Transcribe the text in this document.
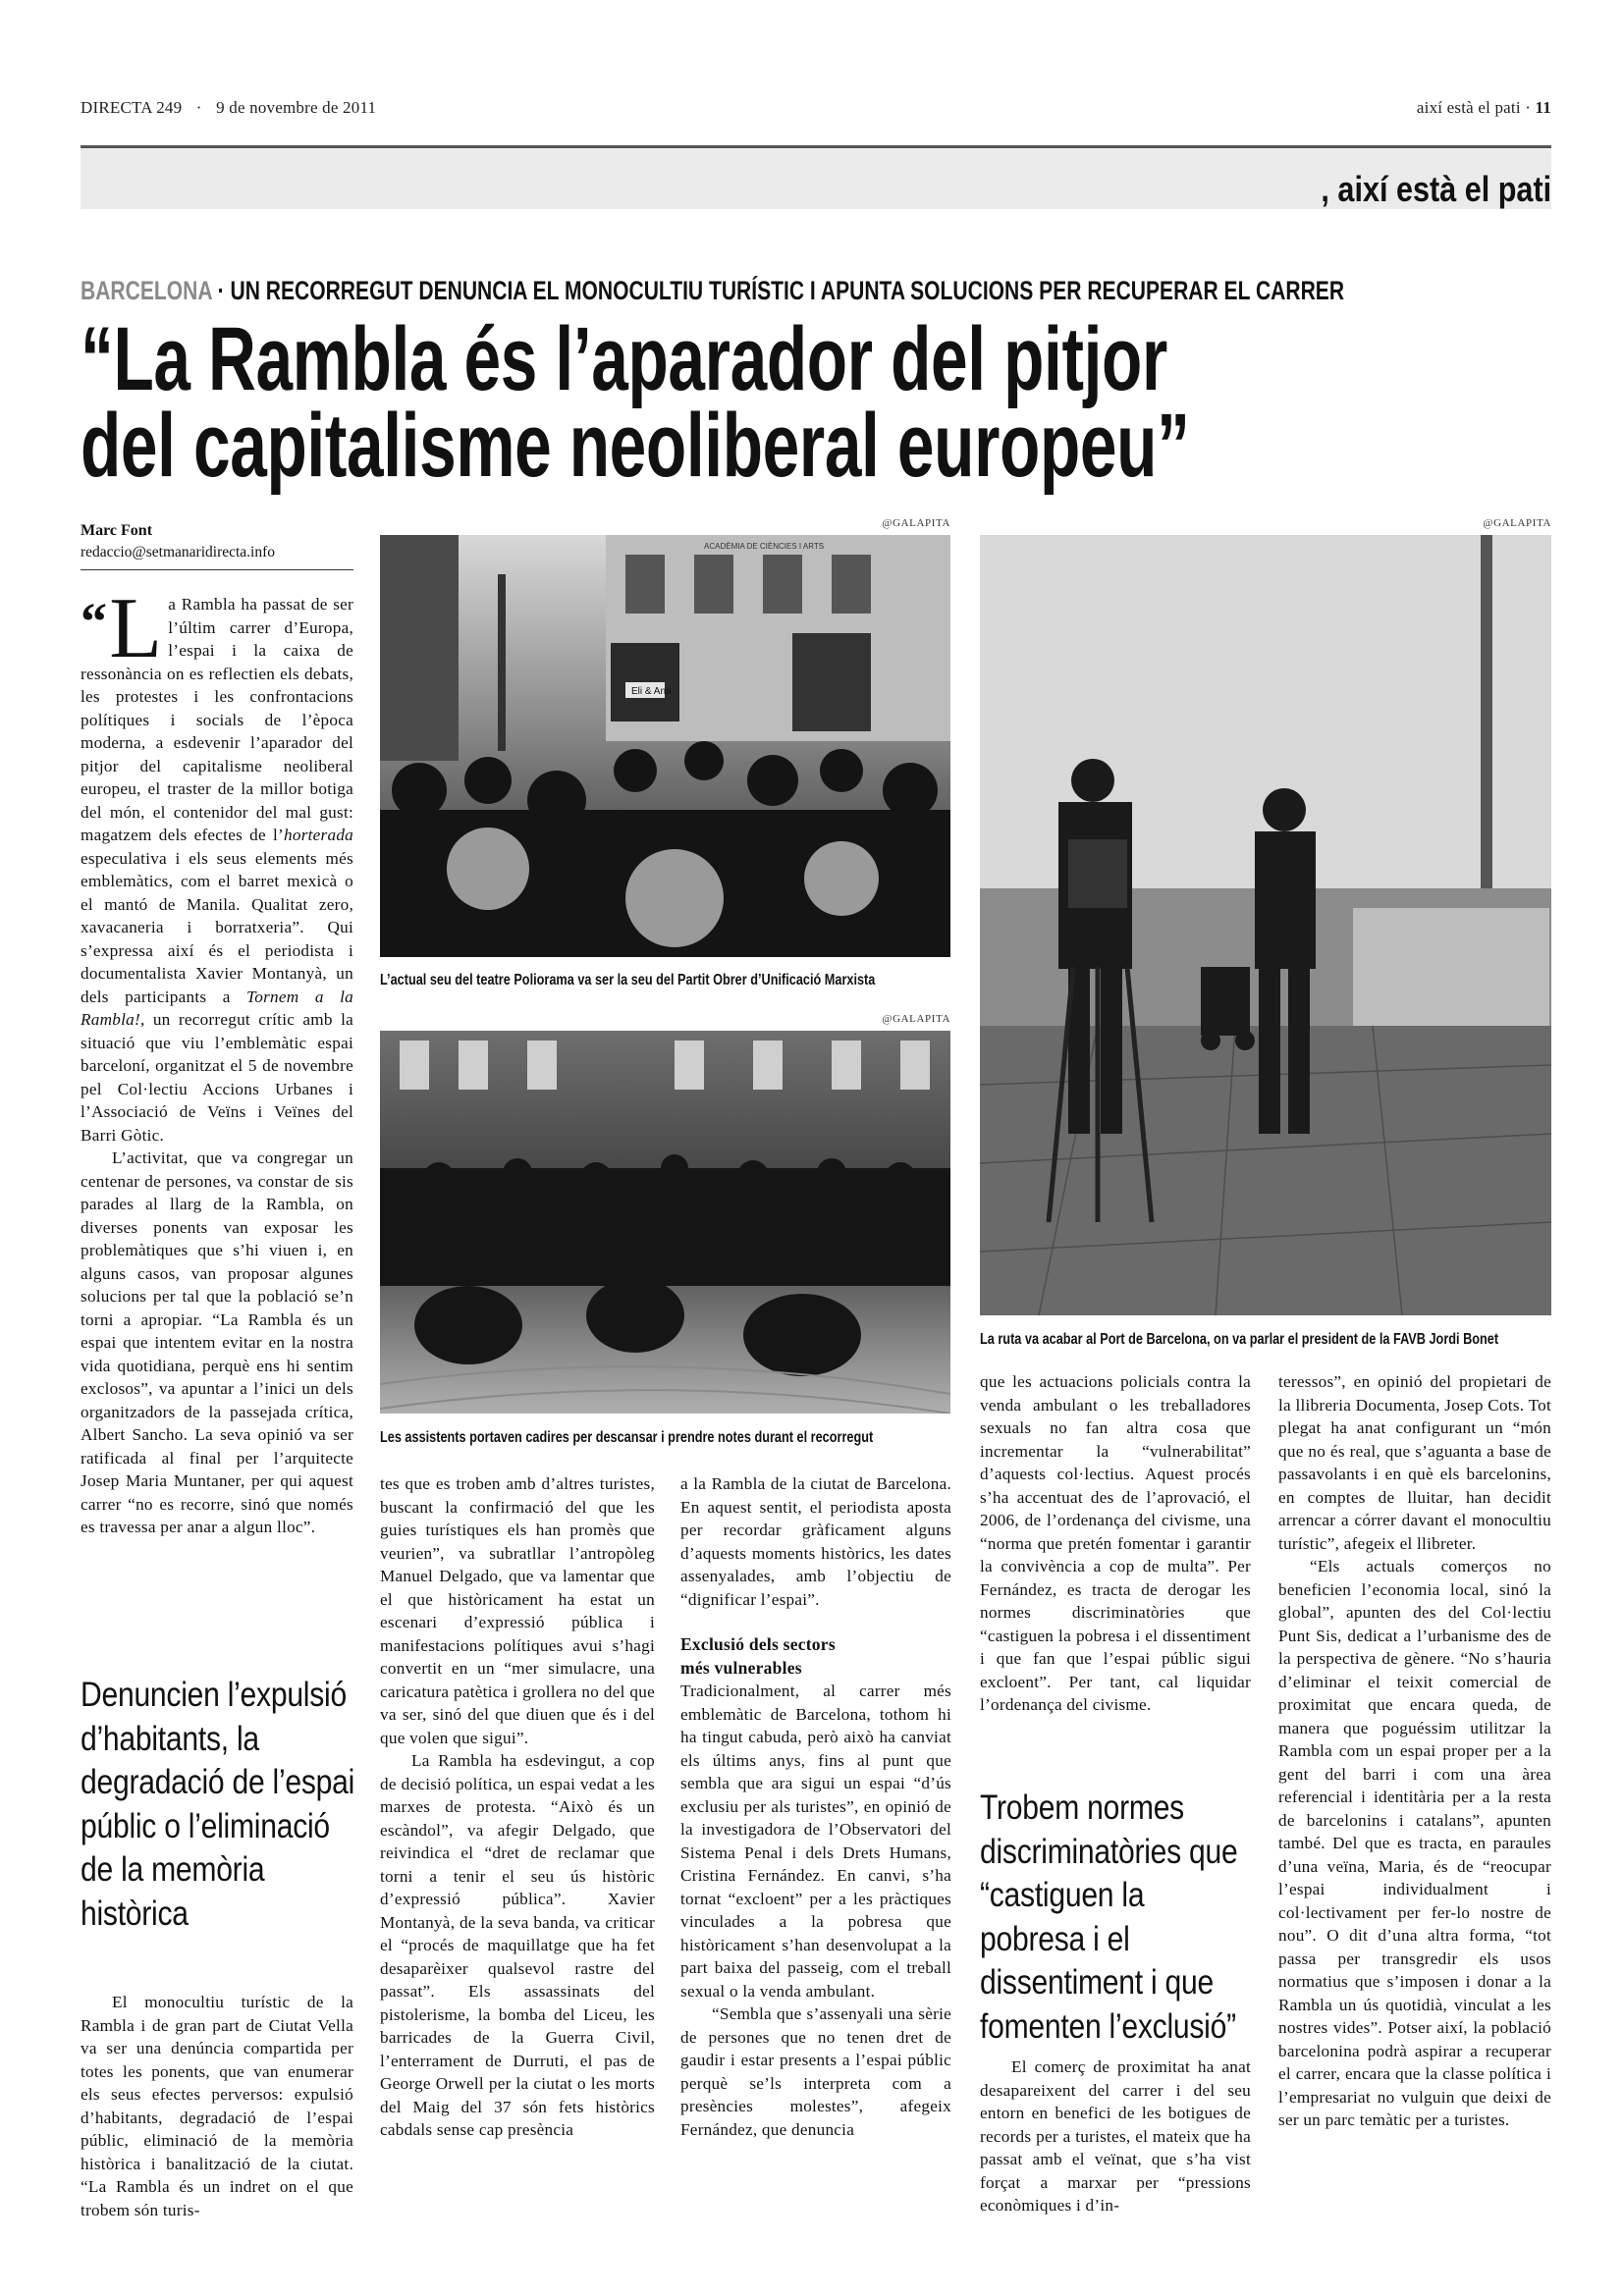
DIRECTA 249 · 9 de novembre de 2011	així està el pati · 11
, així està el pati
BARCELONA · UN RECORREGUT DENUNCIA EL MONOCULTIU TURÍSTIC I APUNTA SOLUCIONS PER RECUPERAR EL CARRER
“La Rambla és l’aparador del pitjor
del capitalisme neoliberal europeu”
Marc Font
redaccio@setmanaridirecta.info

“ L a Rambla ha passat de ser l’últim carrer d’Europa, l’espai i la caixa de ressonància on es reflectien els debats, les protestes i les confrontacions polítiques i socials de l’època moderna, a esdevenir l’aparador del pitjor del capitalisme neoliberal europeu, el traster de la millor botiga del món, el contenidor del mal gust: magatzem dels efectes de l’horterada especulativa i els seus elements més emblemàtics, com el barret mexicà o el mantó de Manila. Qualitat zero, xavacaneria i borratxeria”. Qui s’expressa així és el periodista i documentalista Xavier Montanyà, un dels participants a Tornem a la Rambla!, un recorregut crític amb la situació que viu l’emblemàtic espai barceloní, organitzat el 5 de novembre pel Col·lectiu Accions Urbanes i l’Associació de Veïns i Veïnes del Barri Gòtic.

L’activitat, que va congregar un centenar de persones, va constar de sis parades al llarg de la Rambla, on diverses ponents van exposar les problemàtiques que s’hi viuen i, en alguns casos, van proposar algunes solucions per tal que la població se’n torni a apropiar. “La Rambla és un espai que intentem evitar en la nostra vida quotidiana, perquè ens hi sentim exclosos”, va apuntar a l’inici un dels organitzadors de la passejada crítica, Albert Sancho. La seva opinió va ser ratificada al final per l’arquitecte Josep Maria Muntaner, per qui aquest carrer “no es recorre, sinó que només es travessa per anar a algun lloc”.

Denuncien l’expulsió d’habitants, la degradació de l’espai públic o l’eliminació de la memòria històrica

El monocultiu turístic de la Rambla i de gran part de Ciutat Vella va ser una denúncia compartida per totes les ponents, que van enumerar els seus efectes perversos: expulsió d’habitants, degradació de l’espai públic, eliminació de la memòria històrica i banalització de la ciutat. “La Rambla és un indret on el que trobem són turis-

@GALAPITA
Eli & Ana
ACADÈMIA DE CIÈNCIES I ARTS
L’actual seu del teatre Poliorama va ser la seu del Partit Obrer d’Unificació Marxista
@GALAPITA
Les assistents portaven cadires per descansar i prendre notes durant el recorregut
@GALAPITA
La ruta va acabar al Port de Barcelona, on va parlar el president de la FAVB Jordi Bonet

tes que es troben amb d’altres turistes, buscant la confirmació del que les guies turístiques els han promès que veurien”, va subratllar l’antropòleg Manuel Delgado, que va lamentar que el que històricament ha estat un escenari d’expressió pública i manifestacions polítiques avui s’hagi convertit en un “mer simulacre, una caricatura patètica i grollera no del que va ser, sinó del que diuen que és i del que volen que sigui”.

La Rambla ha esdevingut, a cop de decisió política, un espai vedat a les marxes de protesta. “Això és un escàndol”, va afegir Delgado, que reivindica el “dret de reclamar que torni a tenir el seu ús històric d’expressió pública”. Xavier Montanyà, de la seva banda, va criticar el “procés de maquillatge que ha fet desaparèixer qualsevol rastre del passat”. Els assassinats del pistolerisme, la bomba del Liceu, les barricades de la Guerra Civil, l’enterrament de Durruti, el pas de George Orwell per la ciutat o les morts del Maig del 37 són fets històrics cabdals sense cap presència

a la Rambla de la ciutat de Barcelona. En aquest sentit, el periodista aposta per recordar gràficament alguns d’aquests moments històrics, les dates assenyalades, amb l’objectiu de “dignificar l’espai”.

Exclusió dels sectors
més vulnerables

Tradicionalment, al carrer més emblemàtic de Barcelona, tothom hi ha tingut cabuda, però això ha canviat els últims anys, fins al punt que sembla que ara sigui un espai “d’ús exclusiu per als turistes”, en opinió de la investigadora de l’Observatori del Sistema Penal i dels Drets Humans, Cristina Fernández. En canvi, s’ha tornat “excloent” per a les pràctiques vinculades a la pobresa que històricament s’han desenvolupat a la part baixa del passeig, com el treball sexual o la venda ambulant.

“Sembla que s’assenyali una sèrie de persones que no tenen dret de gaudir i estar presents a l’espai públic perquè se’ls interpreta com a presències molestes”, afegeix Fernández, que denuncia

que les actuacions policials contra la venda ambulant o les treballadores sexuals no fan altra cosa que incrementar la “vulnerabilitat” d’aquests col·lectius. Aquest procés s’ha accentuat des de l’aprovació, el 2006, de l’ordenança del civisme, una “norma que pretén fomentar i garantir la convivència a cop de multa”. Per Fernández, es tracta de derogar les normes discriminatòries que “castiguen la pobresa i el dissentiment i que fan que l’espai públic sigui excloent”. Per tant, cal liquidar l’ordenança del civisme.

Trobem normes discriminatòries que “castiguen la pobresa i el dissentiment i que fomenten l’exclusió”

El comerç de proximitat ha anat desapareixent del carrer i del seu entorn en benefici de les botigues de records per a turistes, el mateix que ha passat amb el veïnat, que s’ha vist forçat a marxar per “pressions econòmiques i d’in-

teressos”, en opinió del propietari de la llibreria Documenta, Josep Cots. Tot plegat ha anat configurant un “món que no és real, que s’aguanta a base de passavolants i en què els barcelonins, en comptes de lluitar, han decidit arrencar a córrer davant el monocultiu turístic”, afegeix el llibreter.

“Els actuals comerços no beneficien l’economia local, sinó la global”, apunten des del Col·lectiu Punt Sis, dedicat a l’urbanisme des de la perspectiva de gènere. “No s’hauria d’eliminar el teixit comercial de proximitat que encara queda, de manera que poguéssim utilitzar la Rambla com un espai proper per a la gent del barri i com una àrea referencial i identitària per a la resta de barcelonins i catalans”, apunten també. Del que es tracta, en paraules d’una veïna, Maria, és de “reocupar l’espai individualment i col·lectivament per fer-lo nostre de nou”. O dit d’una altra forma, “tot passa per transgredir els usos normatius que s’imposen i donar a la Rambla un ús quotidià, vinculat a les nostres vides”. Potser així, la població barcelonina podrà aspirar a recuperar el carrer, encara que la classe política i l’empresariat no vulguin que deixi de ser un parc temàtic per a turistes.
